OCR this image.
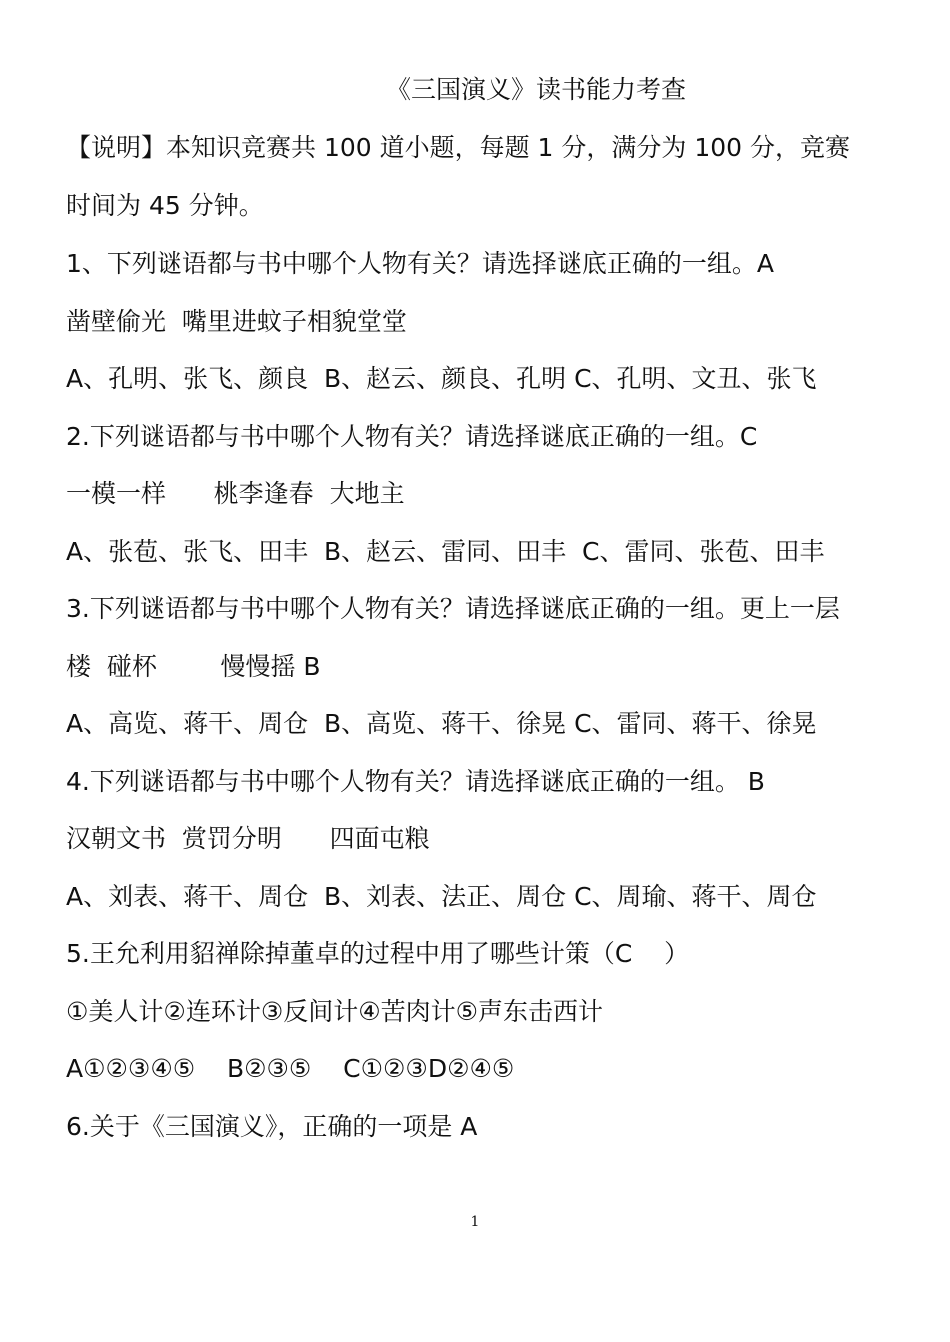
《三国演义》读书能力考查
【说明】本知识竞赛共 100 道小题，每题 1 分，满分为 100 分，竞赛
时间为 45 分钟。
1、下列谜语都与书中哪个人物有关？请选择谜底正确的一组。A
凿壁偷光  嘴里进蚊子相貌堂堂
A、孔明、张飞、颜良  B、赵云、颜良、孔明 C、孔明、文丑、张飞
2.下列谜语都与书中哪个人物有关？请选择谜底正确的一组。C
一模一样      桃李逢春  大地主
A、张苞、张飞、田丰  B、赵云、雷同、田丰  C、雷同、张苞、田丰
3.下列谜语都与书中哪个人物有关？请选择谜底正确的一组。更上一层
楼  碰杯        慢慢摇 B
A、高览、蒋干、周仓  B、高览、蒋干、徐晃 C、雷同、蒋干、徐晃
4.下列谜语都与书中哪个人物有关？请选择谜底正确的一组。 B
汉朝文书  赏罚分明      四面屯粮
A、刘表、蒋干、周仓  B、刘表、法正、周仓 C、周瑜、蒋干、周仓
5.王允利用貂禅除掉董卓的过程中用了哪些计策（C    ）
①美人计②连环计③反间计④苦肉计⑤声东击西计
A①②③④⑤    B②③⑤    C①②③D②④⑤
6.关于《三国演义》，正确的一项是 A
1
